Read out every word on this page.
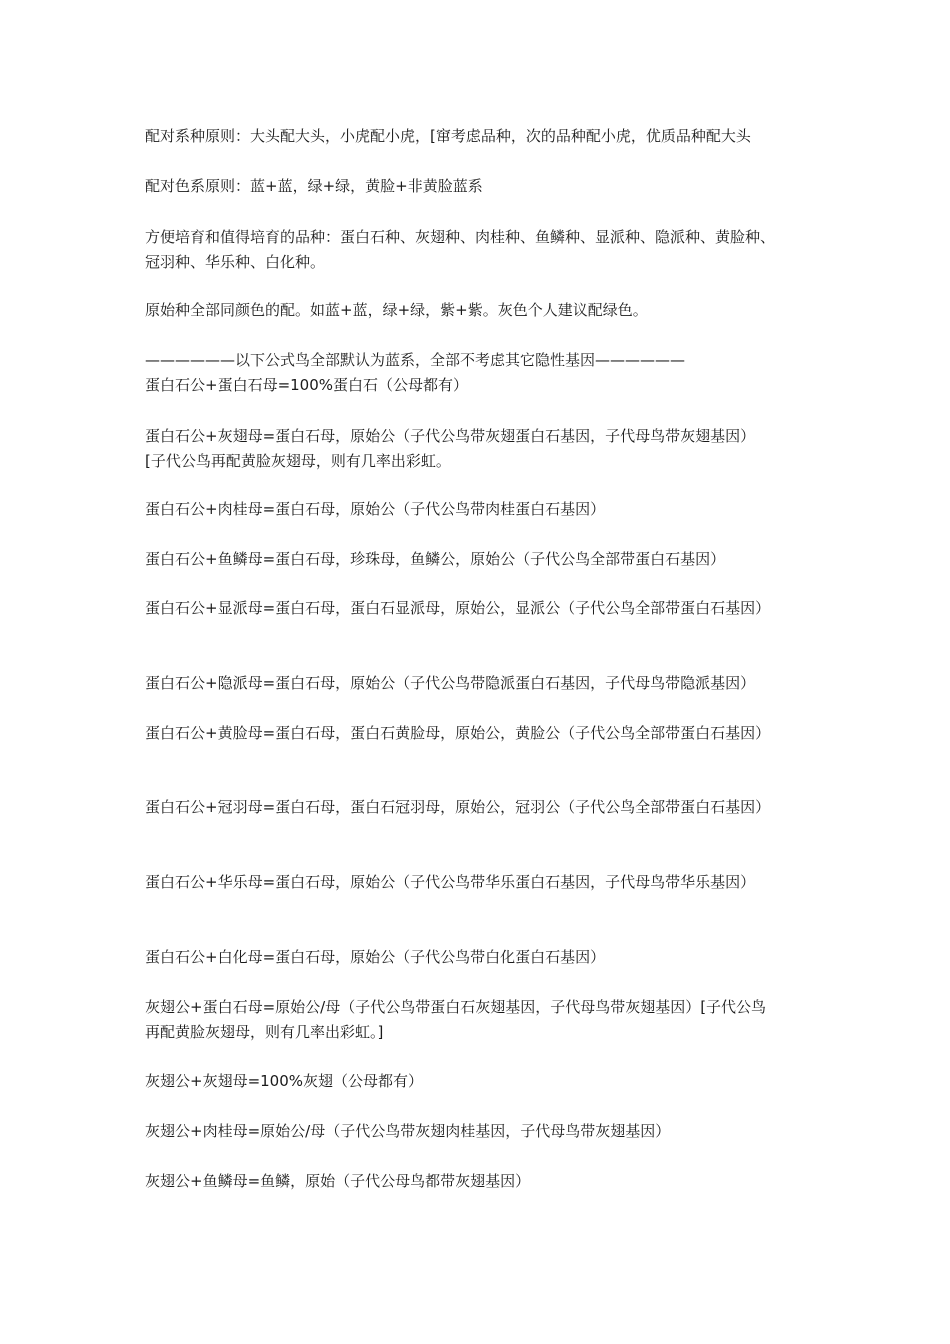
配对系种原则：大头配大头，小虎配小虎，[窜考虑品种，次的品种配小虎，优质品种配大头
配对色系原则：蓝+蓝，绿+绿，黄脸+非黄脸蓝系
方便培育和值得培育的品种：蛋白石种、灰翅种、肉桂种、鱼鳞种、显派种、隐派种、黄脸种、
冠羽种、华乐种、白化种。
原始种全部同颜色的配。如蓝+蓝，绿+绿，紫+紫。灰色个人建议配绿色。
——————以下公式鸟全部默认为蓝系，全部不考虑其它隐性基因——————
蛋白石公+蛋白石母=100%蛋白石（公母都有）
蛋白石公+灰翅母=蛋白石母，原始公（子代公鸟带灰翅蛋白石基因，子代母鸟带灰翅基因）
[子代公鸟再配黄脸灰翅母，则有几率出彩虹。
蛋白石公+肉桂母=蛋白石母，原始公（子代公鸟带肉桂蛋白石基因）
蛋白石公+鱼鳞母=蛋白石母，珍珠母，鱼鳞公，原始公（子代公鸟全部带蛋白石基因）
蛋白石公+显派母=蛋白石母，蛋白石显派母，原始公，显派公（子代公鸟全部带蛋白石基因）
蛋白石公+隐派母=蛋白石母，原始公（子代公鸟带隐派蛋白石基因，子代母鸟带隐派基因）
蛋白石公+黄脸母=蛋白石母，蛋白石黄脸母，原始公，黄脸公（子代公鸟全部带蛋白石基因）
蛋白石公+冠羽母=蛋白石母，蛋白石冠羽母，原始公，冠羽公（子代公鸟全部带蛋白石基因）
蛋白石公+华乐母=蛋白石母，原始公（子代公鸟带华乐蛋白石基因，子代母鸟带华乐基因）
蛋白石公+白化母=蛋白石母，原始公（子代公鸟带白化蛋白石基因）
灰翅公+蛋白石母=原始公/母（子代公鸟带蛋白石灰翅基因，子代母鸟带灰翅基因）[子代公鸟
再配黄脸灰翅母，则有几率出彩虹。]
灰翅公+灰翅母=100%灰翅（公母都有）
灰翅公+肉桂母=原始公/母（子代公鸟带灰翅肉桂基因，子代母鸟带灰翅基因）
灰翅公+鱼鳞母=鱼鳞，原始（子代公母鸟都带灰翅基因）
